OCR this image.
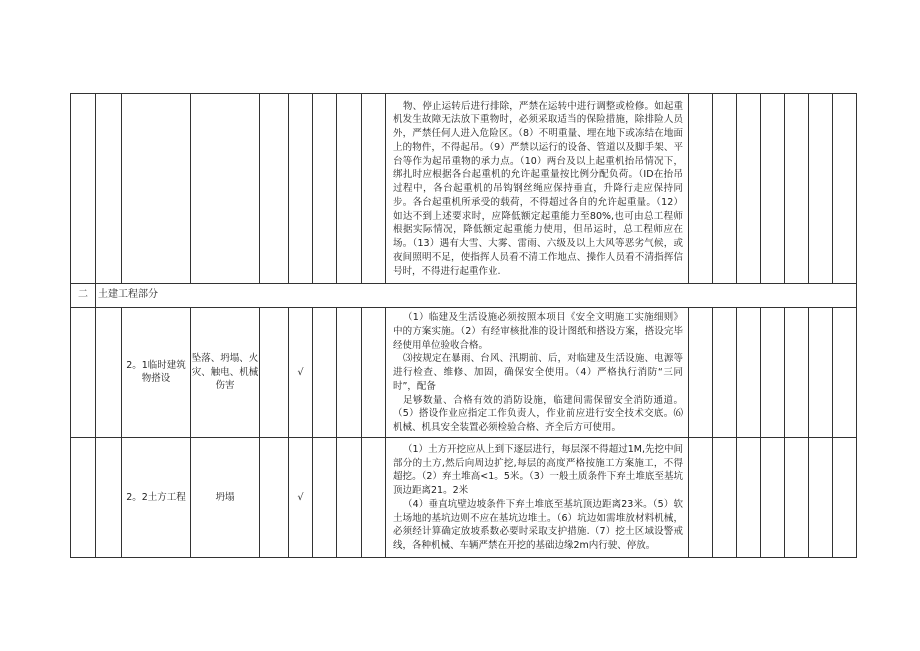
									物、停止运转后进行排除，严禁在运转中进行调整或检修。如起重机发生故障无法放下重物时，必须采取适当的保险措施，除排险人员外，严禁任何人进入危险区。（8）不明重量、埋在地下或冻结在地面上的物件，不得起吊。（9）严禁以运行的设备、管道以及脚手架、平台等作为起吊重物的承力点。（10）两台及以上起重机抬吊情况下，绑扎时应根据各台起重机的允许起重量按比例分配负荷。（ID在抬吊过程中，各台起重机的吊钩钢丝绳应保持垂直，升降行走应保持同步。各台起重机所承受的载荷，不得超过各自的允许起重量。（12）如达不到上述要求时，应降低额定起重能力至80%,也可由总工程师根据实际情况，降低额定起重能力使用，但吊运时，总工程师应在场。（13）遇有大雪、大雾、雷雨、六级及以上大风等恶劣气候，或夜间照明不足，使指挥人员看不清工作地点、操作人员看不清指挥信号时，不得进行起重作业.							

二	土建工程部分															
		2。1临时建筑物搭设	坠落、坍塌、火灾、触电、机械伤害		√				（1）临建及生活设施必须按照本项目《安全文明施工实施细则》中的方案实施。（2）有经审核批准的设计图纸和搭设方案，搭设完毕经使用单位验收合格。

⑶按规定在暴雨、台风、汛期前、后，对临建及生活设施、电源等进行检查、维修、加固，确保安全使用。（4）严格执行消防“三同时”，配备

足够数量、合格有效的消防设施，临建间需保留安全消防通道。（5）搭设作业应指定工作负责人，作业前应进行安全技术交底。⑹机械、机具安全装置必须检验合格、齐全后方可使用。							

		2。2土方工程	坍塌		√				（1）土方开挖应从上到下逐层进行，每层深不得超过1M,先挖中间部分的土方,然后向周边扩挖,每层的高度严格按施工方案施工，不得超挖。（2）弃土堆高<1。5米。（3）一般土质条件下弃土堆底至基坑顶边距离21。2米

（4）垂直坑壁边坡条件下弃土堆底至基坑顶边距离23米。（5）软土场地的基坑边则不应在基坑边堆土。（6）坑边如需堆放材料机械，必须经计算确定放坡系数必要时采取支护措施.（7）挖土区域设警戒线，各种机械、车辆严禁在开挖的基础边缘2m内行驶、停放。							
